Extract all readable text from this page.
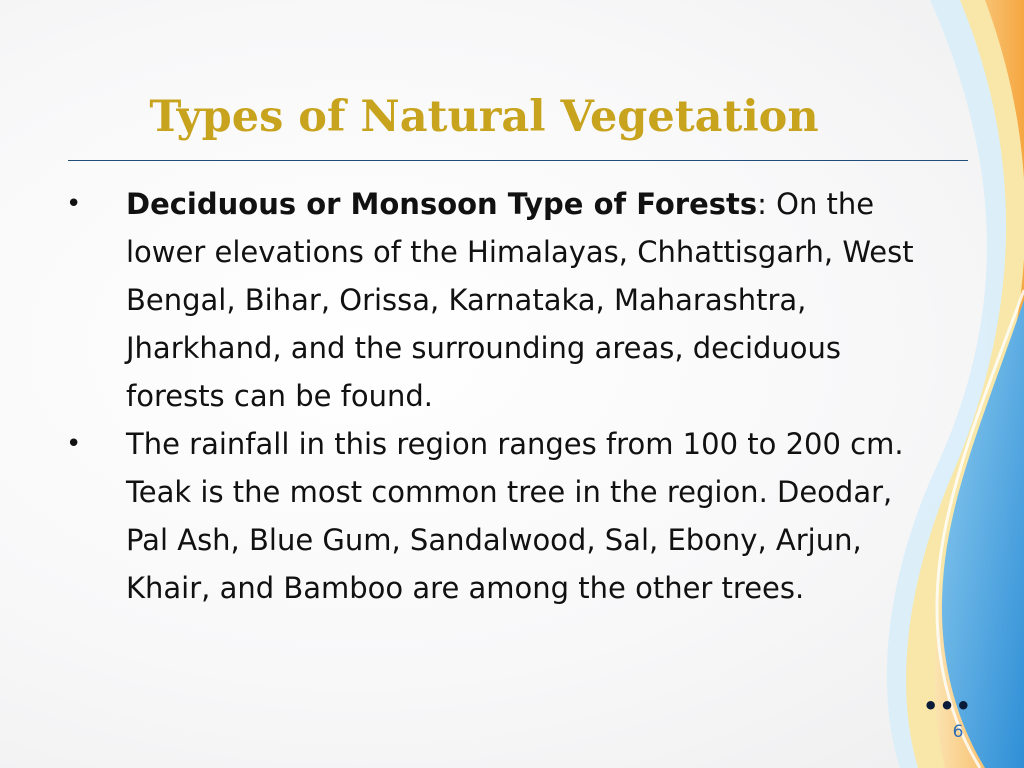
Types of Natural Vegetation
• Deciduous or Monsoon Type of Forests: On the lower elevations of the Himalayas, Chhattisgarh, West Bengal, Bihar, Orissa, Karnataka, Maharashtra, Jharkhand, and the surrounding areas, deciduous forests can be found.
• The rainfall in this region ranges from 100 to 200 cm. Teak is the most common tree in the region. Deodar, Pal Ash, Blue Gum, Sandalwood, Sal, Ebony, Arjun, Khair, and Bamboo are among the other trees.
•••
6
